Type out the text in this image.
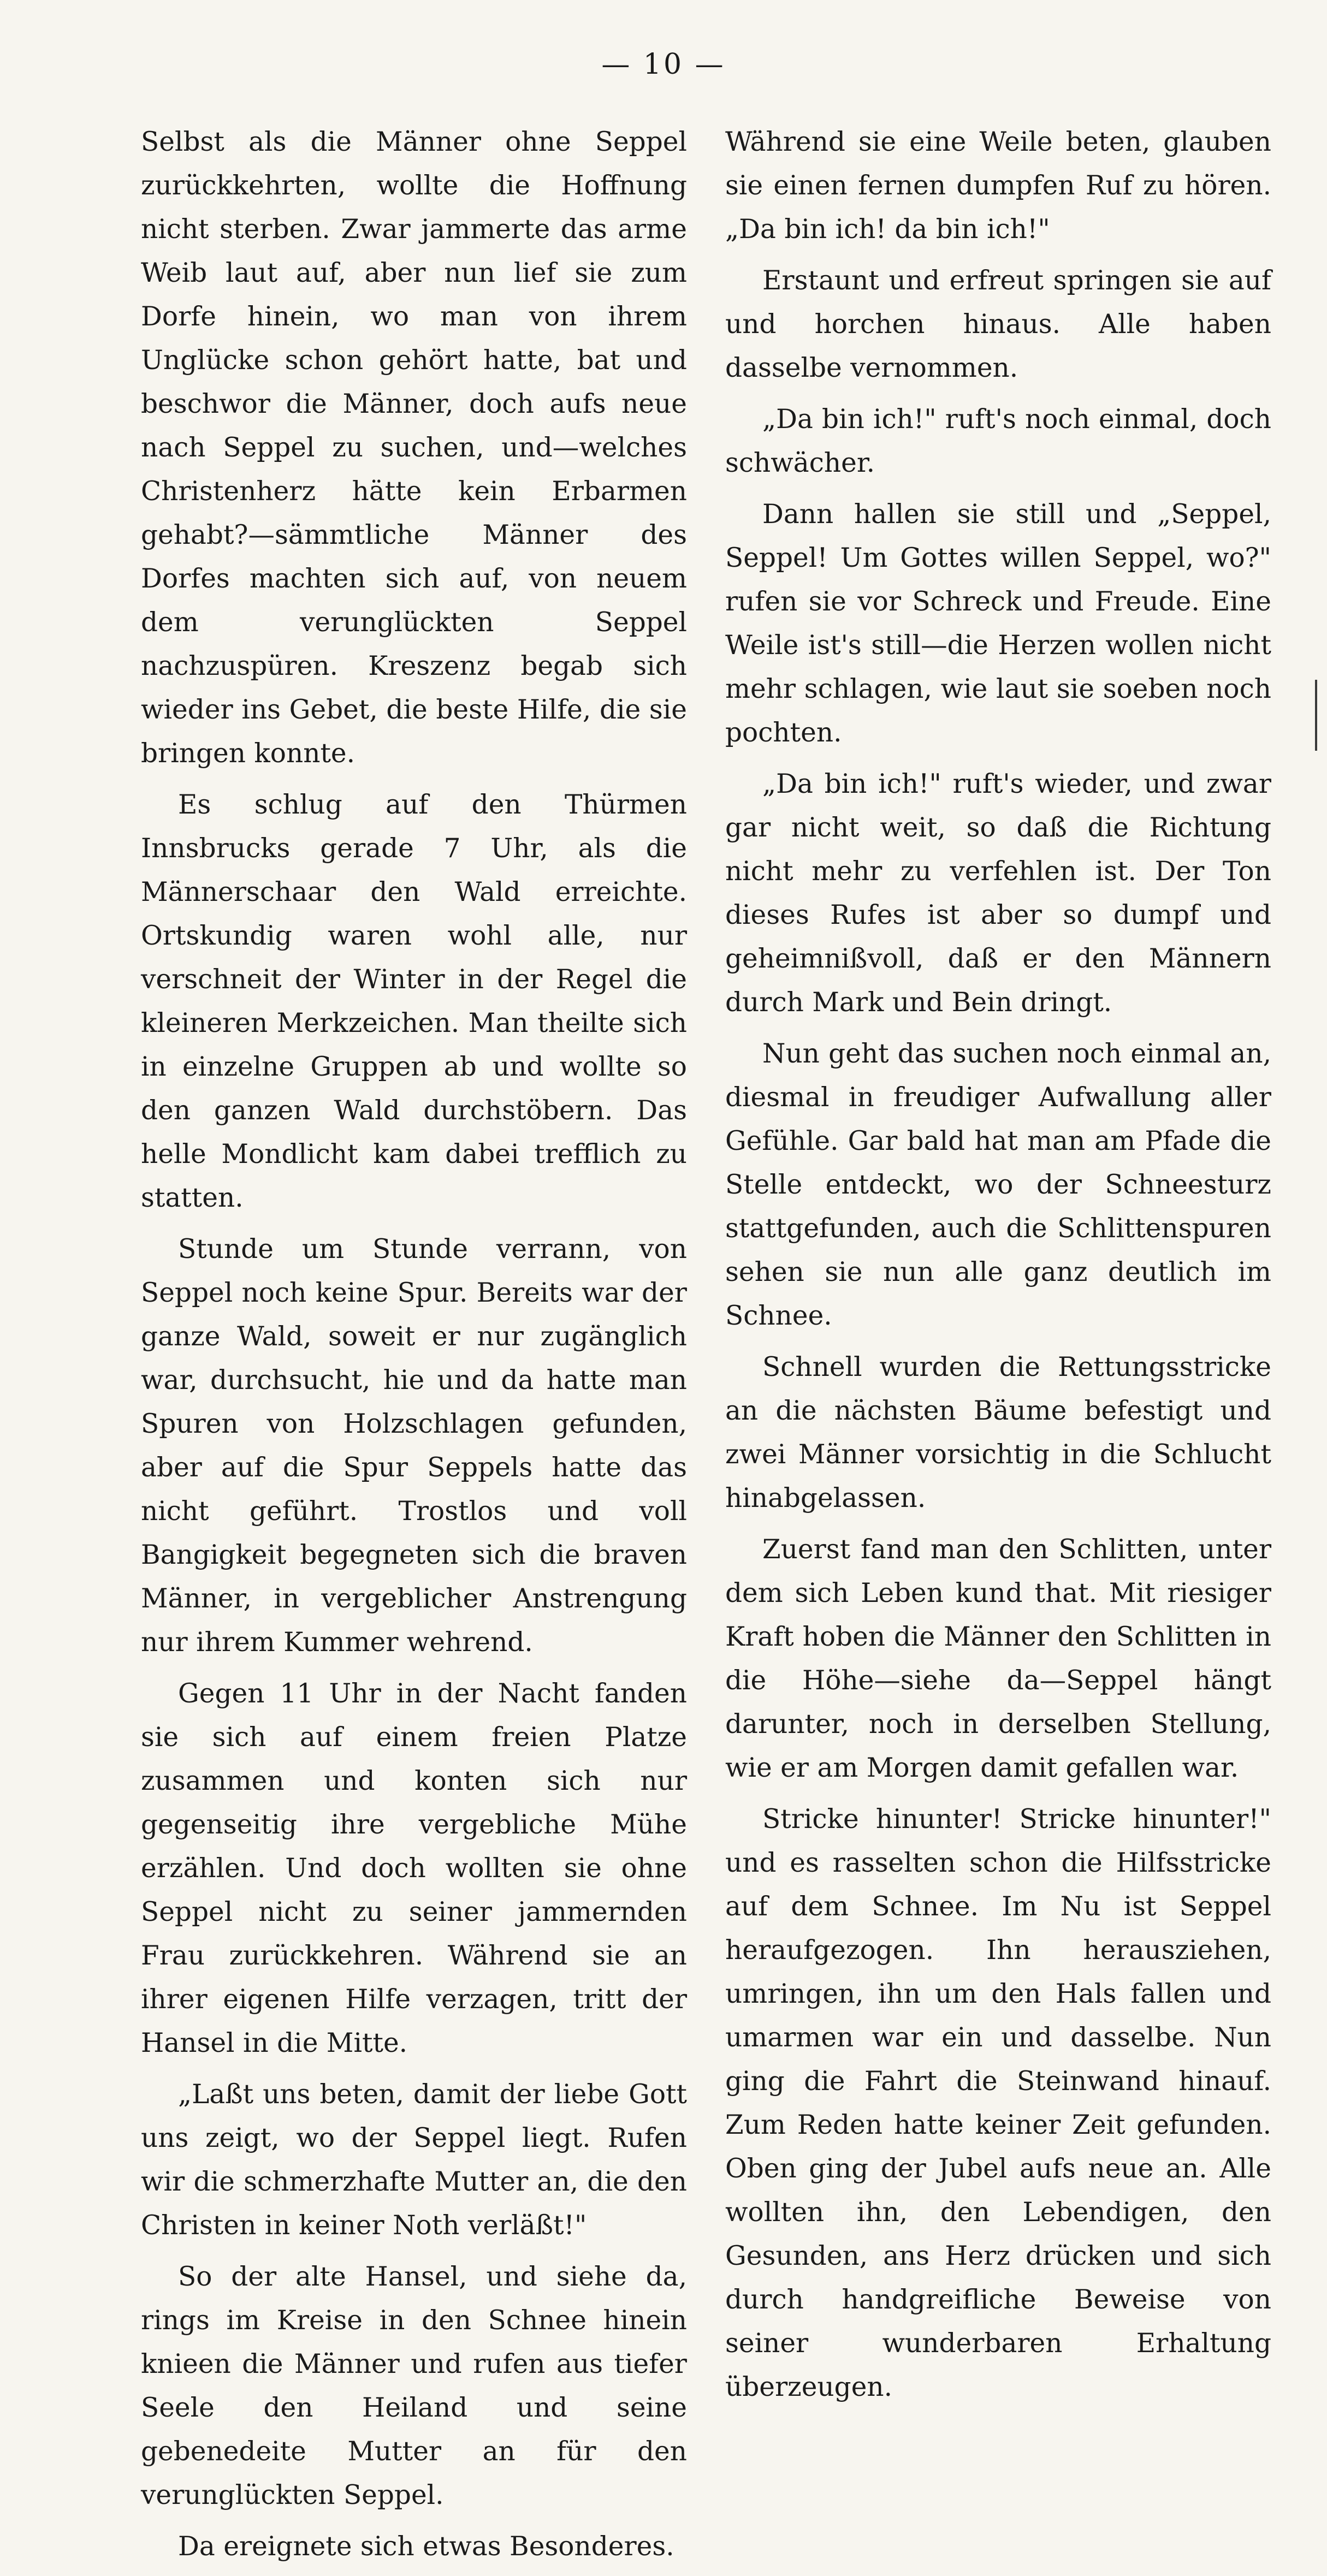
— 10 —

Selbst als die Männer ohne Seppel zurückkehrten, wollte die Hoffnung nicht sterben. Zwar jammerte das arme Weib laut auf, aber nun lief sie zum Dorfe hinein, wo man von ihrem Unglücke schon gehört hatte, bat und beschwor die Männer, doch aufs neue nach Seppel zu suchen, und—welches Christenherz hätte kein Erbarmen gehabt?—sämmtliche Männer des Dorfes machten sich auf, von neuem dem verunglückten Seppel nachzuspüren. Kreszenz begab sich wieder ins Gebet, die beste Hilfe, die sie bringen konnte.

Es schlug auf den Thürmen Innsbrucks gerade 7 Uhr, als die Männerschaar den Wald erreichte. Ortskundig waren wohl alle, nur verschneit der Winter in der Regel die kleineren Merkzeichen. Man theilte sich in einzelne Gruppen ab und wollte so den ganzen Wald durchstöbern. Das helle Mondlicht kam dabei trefflich zu statten.

Stunde um Stunde verrann, von Seppel noch keine Spur. Bereits war der ganze Wald, soweit er nur zugänglich war, durchsucht, hie und da hatte man Spuren von Holzschlagen gefunden, aber auf die Spur Seppels hatte das nicht geführt. Trostlos und voll Bangigkeit begegneten sich die braven Männer, in vergeblicher Anstrengung nur ihrem Kummer wehrend.

Gegen 11 Uhr in der Nacht fanden sie sich auf einem freien Platze zusammen und konten sich nur gegenseitig ihre vergebliche Mühe erzählen. Und doch wollten sie ohne Seppel nicht zu seiner jammernden Frau zurückkehren. Während sie an ihrer eigenen Hilfe verzagen, tritt der Hansel in die Mitte.

„Laßt uns beten, damit der liebe Gott uns zeigt, wo der Seppel liegt. Rufen wir die schmerzhafte Mutter an, die den Christen in keiner Noth verläßt!"

So der alte Hansel, und siehe da, rings im Kreise in den Schnee hinein knieen die Männer und rufen aus tiefer Seele den Heiland und seine gebenedeite Mutter an für den verunglückten Seppel.

Da ereignete sich etwas Besonderes.

Während sie eine Weile beten, glauben sie einen fernen dumpfen Ruf zu hören. „Da bin ich! da bin ich!"

Erstaunt und erfreut springen sie auf und horchen hinaus. Alle haben dasselbe vernommen.

„Da bin ich!" ruft's noch einmal, doch schwächer.

Dann hallen sie still und „Seppel, Seppel! Um Gottes willen Seppel, wo?" rufen sie vor Schreck und Freude. Eine Weile ist's still—die Herzen wollen nicht mehr schlagen, wie laut sie soeben noch pochten.

„Da bin ich!" ruft's wieder, und zwar gar nicht weit, so daß die Richtung nicht mehr zu verfehlen ist. Der Ton dieses Rufes ist aber so dumpf und geheimnißvoll, daß er den Männern durch Mark und Bein dringt.

Nun geht das suchen noch einmal an, diesmal in freudiger Aufwallung aller Gefühle. Gar bald hat man am Pfade die Stelle entdeckt, wo der Schneesturz stattgefunden, auch die Schlittenspuren sehen sie nun alle ganz deutlich im Schnee.

Schnell wurden die Rettungsstricke an die nächsten Bäume befestigt und zwei Männer vorsichtig in die Schlucht hinabgelassen.

Zuerst fand man den Schlitten, unter dem sich Leben kund that. Mit riesiger Kraft hoben die Männer den Schlitten in die Höhe—siehe da—Seppel hängt darunter, noch in derselben Stellung, wie er am Morgen damit gefallen war.

Stricke hinunter! Stricke hinunter!" und es rasselten schon die Hilfsstricke auf dem Schnee. Im Nu ist Seppel heraufgezogen. Ihn herausziehen, umringen, ihn um den Hals fallen und umarmen war ein und dasselbe. Nun ging die Fahrt die Steinwand hinauf. Zum Reden hatte keiner Zeit gefunden. Oben ging der Jubel aufs neue an. Alle wollten ihn, den Lebendigen, den Gesunden, ans Herz drücken und sich durch handgreifliche Beweise von seiner wunderbaren Erhaltung überzeugen.
